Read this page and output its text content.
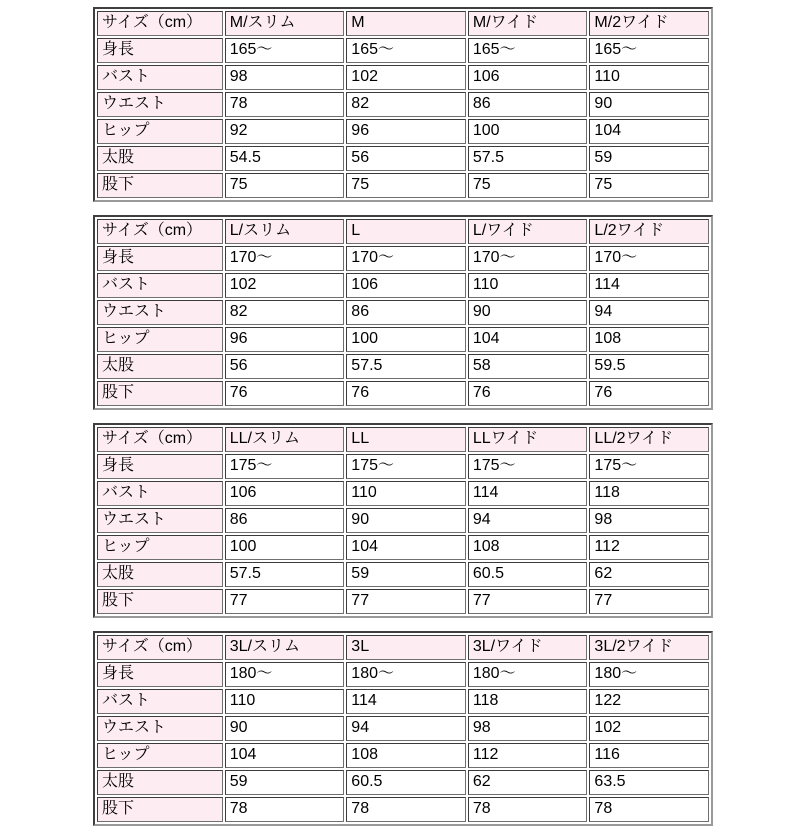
サイズ（cm）	M/スリム	M	M/ワイド	M/2ワイド
身長	165～	165～	165～	165～
バスト	98	102	106	110
ウエスト	78	82	86	90
ヒップ	92	96	100	104
太股	54.5	56	57.5	59
股下	75	75	75	75
サイズ（cm）	L/スリム	L	L/ワイド	L/2ワイド
身長	170～	170～	170～	170～
バスト	102	106	110	114
ウエスト	82	86	90	94
ヒップ	96	100	104	108
太股	56	57.5	58	59.5
股下	76	76	76	76
サイズ（cm）	LL/スリム	LL	LLワイド	LL/2ワイド
身長	175～	175～	175～	175～
バスト	106	110	114	118
ウエスト	86	90	94	98
ヒップ	100	104	108	112
太股	57.5	59	60.5	62
股下	77	77	77	77
サイズ（cm）	3L/スリム	3L	3L/ワイド	3L/2ワイド
身長	180～	180～	180～	180～
バスト	110	114	118	122
ウエスト	90	94	98	102
ヒップ	104	108	112	116
太股	59	60.5	62	63.5
股下	78	78	78	78
